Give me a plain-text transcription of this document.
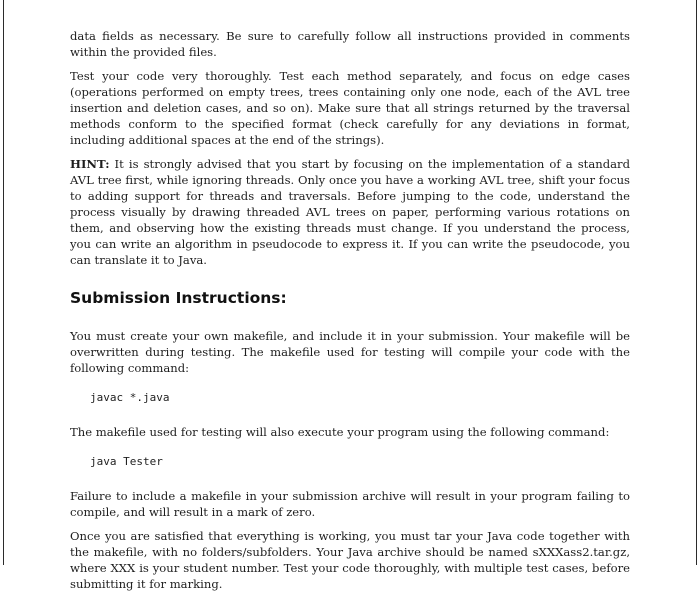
data fields as necessary. Be sure to carefully follow all instructions provided in comments within the provided files.

Test your code very thoroughly. Test each method separately, and focus on edge cases (operations performed on empty trees, trees containing only one node, each of the AVL tree insertion and deletion cases, and so on). Make sure that all strings returned by the traversal methods conform to the specified format (check carefully for any deviations in format, including additional spaces at the end of the strings).

HINT: It is strongly advised that you start by focusing on the implementation of a standard AVL tree first, while ignoring threads. Only once you have a working AVL tree, shift your focus to adding support for threads and traversals. Before jumping to the code, understand the process visually by drawing threaded AVL trees on paper, performing various rotations on them, and observing how the existing threads must change. If you understand the process, you can write an algorithm in pseudocode to express it. If you can write the pseudocode, you can translate it to Java.

Submission Instructions:

You must create your own makefile, and include it in your submission. Your makefile will be overwritten during testing. The makefile used for testing will compile your code with the following command:

javac *.java

The makefile used for testing will also execute your program using the following command:

java Tester

Failure to include a makefile in your submission archive will result in your program failing to compile, and will result in a mark of zero.

Once you are satisfied that everything is working, you must tar your Java code together with the makefile, with no folders/subfolders. Your Java archive should be named sXXXass2.tar.gz, where XXX is your student number. Test your code thoroughly, with multiple test cases, before submitting it for marking.
